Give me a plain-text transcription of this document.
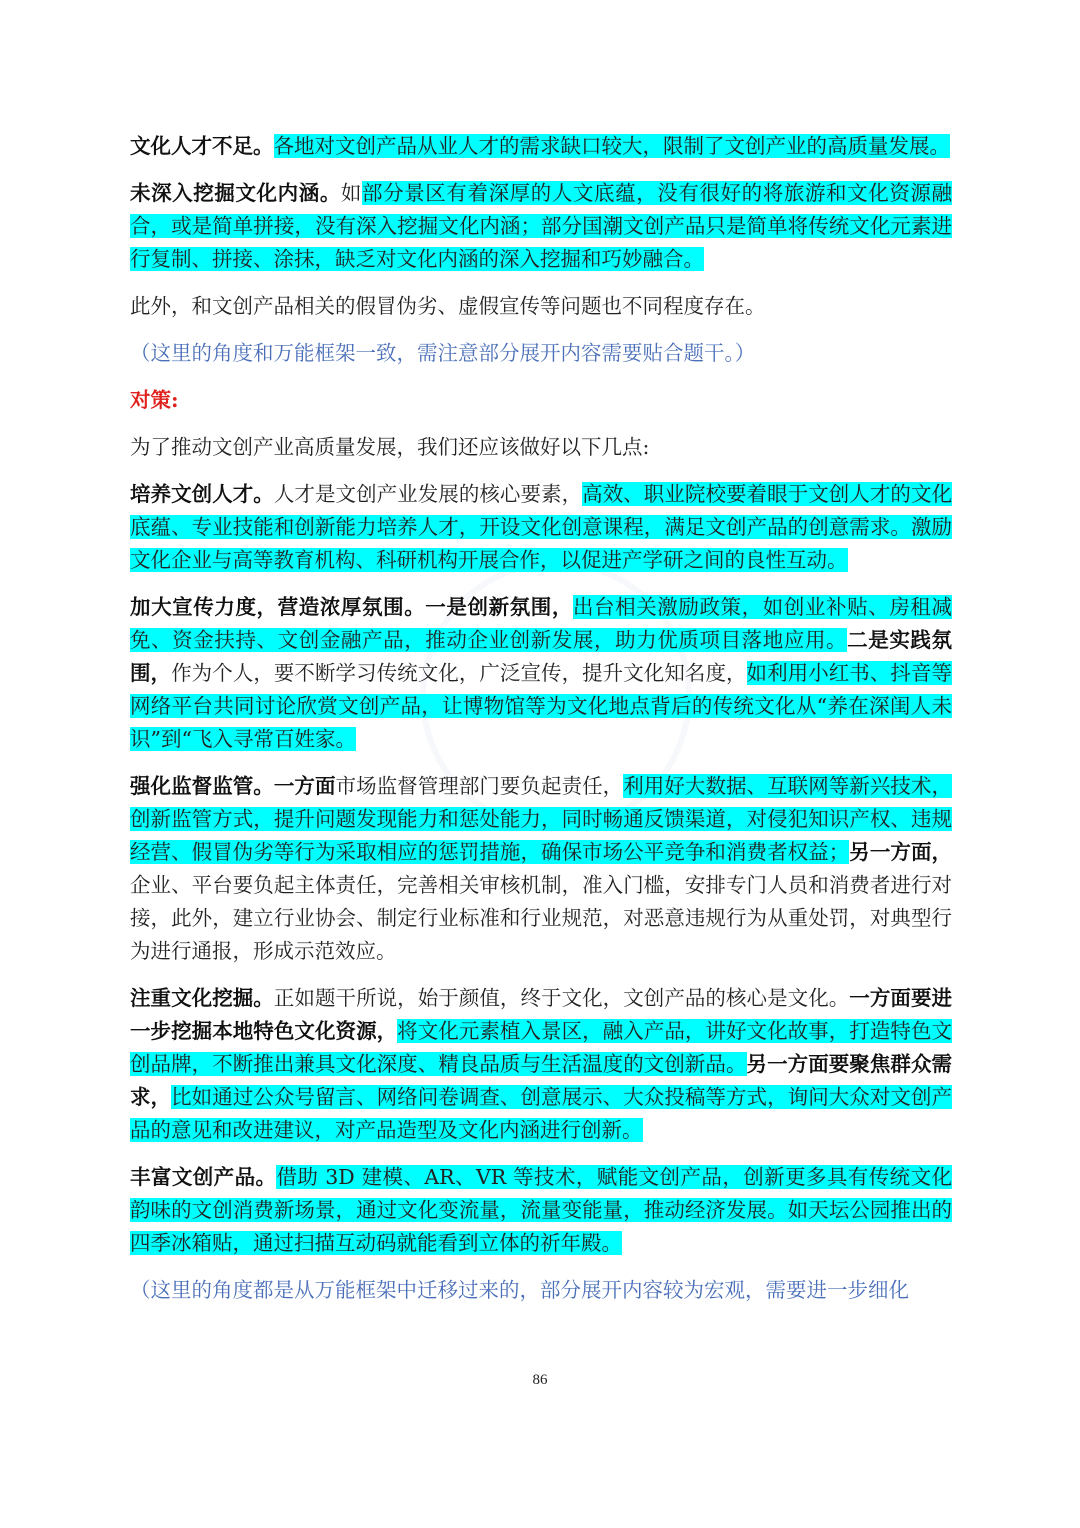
文化人才不足。各地对文创产品从业人才的需求缺口较大，限制了文创产业的高质量发展。

未深入挖掘文化内涵。如部分景区有着深厚的人文底蕴，没有很好的将旅游和文化资源融合，或是简单拼接，没有深入挖掘文化内涵；部分国潮文创产品只是简单将传统文化元素进行复制、拼接、涂抹，缺乏对文化内涵的深入挖掘和巧妙融合。

此外，和文创产品相关的假冒伪劣、虚假宣传等问题也不同程度存在。

（这里的角度和万能框架一致，需注意部分展开内容需要贴合题干。）

对策:

为了推动文创产业高质量发展，我们还应该做好以下几点:

培养文创人才。人才是文创产业发展的核心要素，高效、职业院校要着眼于文创人才的文化底蕴、专业技能和创新能力培养人才，开设文化创意课程，满足文创产品的创意需求。激励文化企业与高等教育机构、科研机构开展合作，以促进产学研之间的良性互动。

加大宣传力度，营造浓厚氛围。一是创新氛围，出台相关激励政策，如创业补贴、房租减免、资金扶持、文创金融产品，推动企业创新发展，助力优质项目落地应用。二是实践氛围，作为个人，要不断学习传统文化，广泛宣传，提升文化知名度，如利用小红书、抖音等网络平台共同讨论欣赏文创产品，让博物馆等为文化地点背后的传统文化从“养在深闺人未识”到“飞入寻常百姓家。

强化监督监管。一方面市场监督管理部门要负起责任，利用好大数据、互联网等新兴技术，创新监管方式，提升问题发现能力和惩处能力，同时畅通反馈渠道，对侵犯知识产权、违规经营、假冒伪劣等行为采取相应的惩罚措施，确保市场公平竞争和消费者权益；另一方面，企业、平台要负起主体责任，完善相关审核机制，准入门槛，安排专门人员和消费者进行对接，此外，建立行业协会、制定行业标准和行业规范，对恶意违规行为从重处罚，对典型行为进行通报，形成示范效应。

注重文化挖掘。正如题干所说，始于颜值，终于文化，文创产品的核心是文化。一方面要进一步挖掘本地特色文化资源，将文化元素植入景区，融入产品，讲好文化故事，打造特色文创品牌，不断推出兼具文化深度、精良品质与生活温度的文创新品。另一方面要聚焦群众需求，比如通过公众号留言、网络问卷调查、创意展示、大众投稿等方式，询问大众对文创产品的意见和改进建议，对产品造型及文化内涵进行创新。

丰富文创产品。借助 3D 建模、AR、VR 等技术，赋能文创产品，创新更多具有传统文化韵味的文创消费新场景，通过文化变流量，流量变能量，推动经济发展。如天坛公园推出的四季冰箱贴，通过扫描互动码就能看到立体的祈年殿。

（这里的角度都是从万能框架中迁移过来的，部分展开内容较为宏观，需要进一步细化

86
